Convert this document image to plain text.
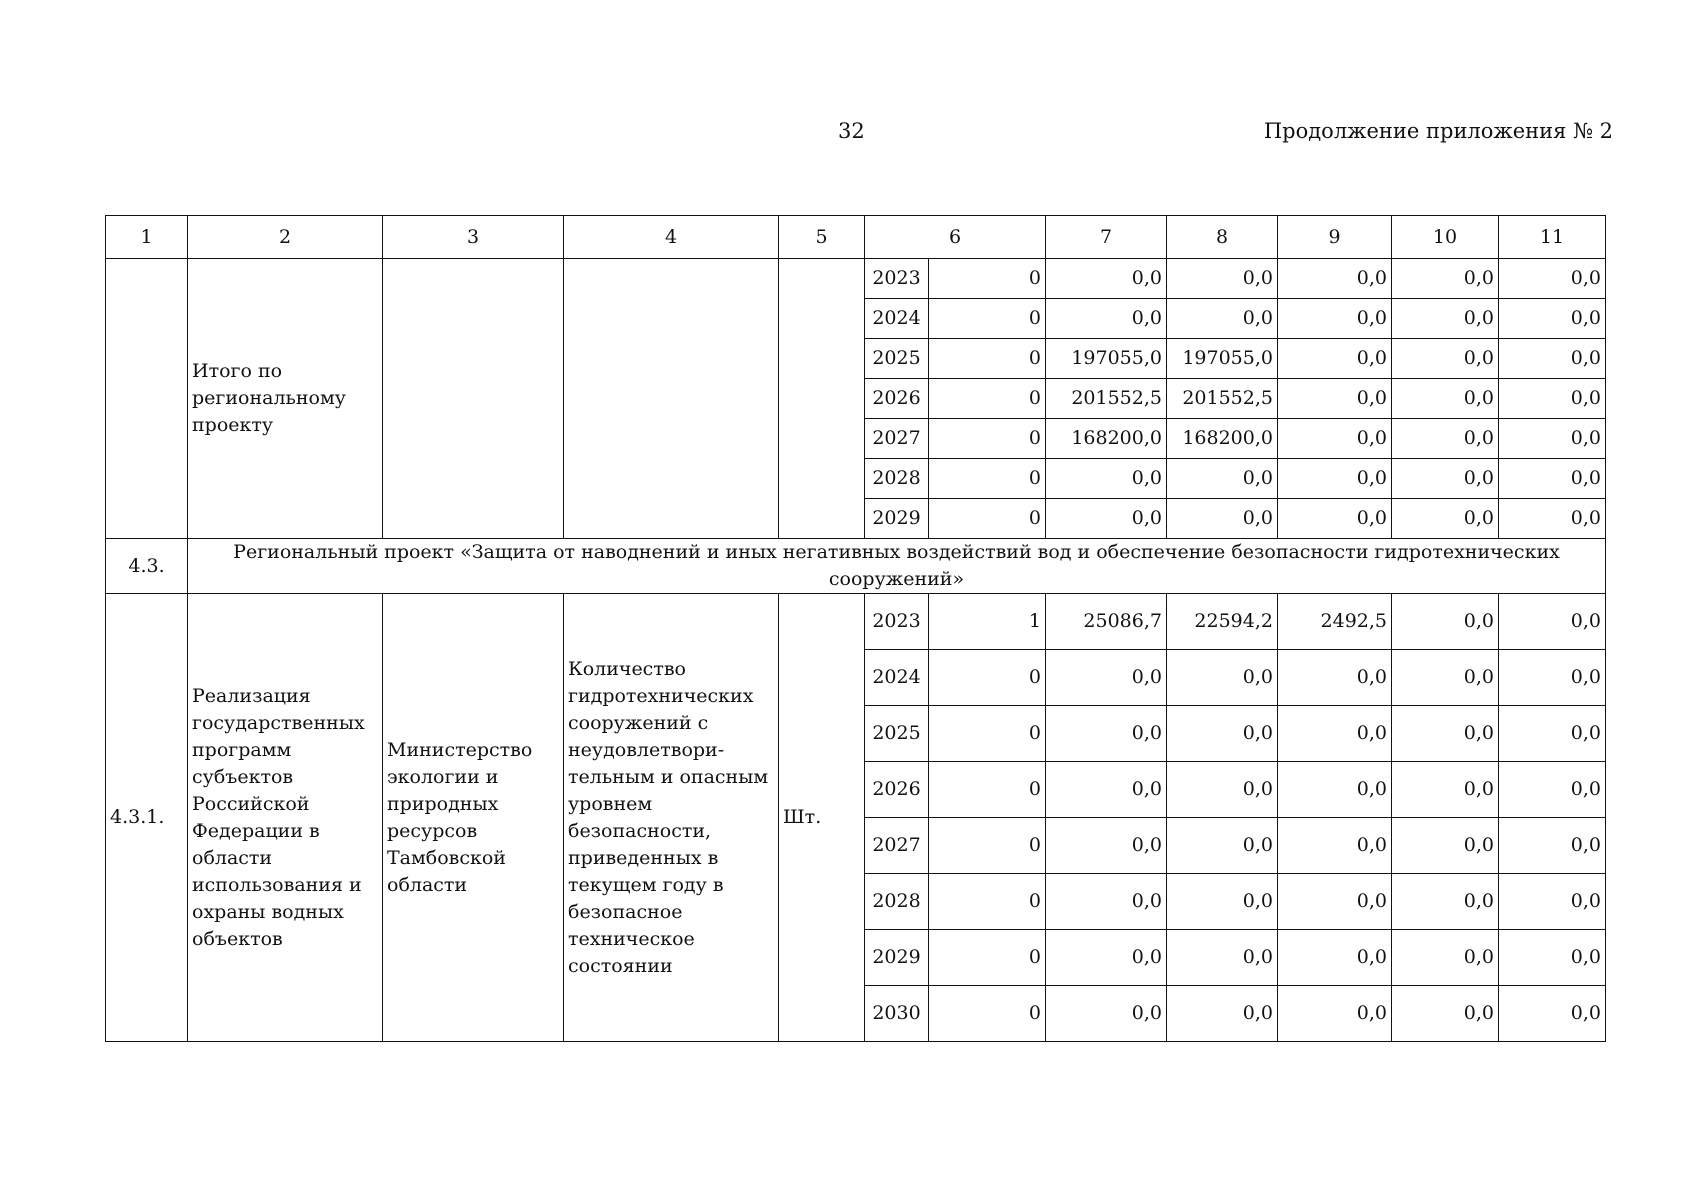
32	Продолжение приложения № 2
1	2	3	4	5	6		7	8	9	10	11
	Итого по региональному проекту				2023	0	0,0	0,0	0,0	0,0	0,0
					2024	0	0,0	0,0	0,0	0,0	0,0
					2025	0	197055,0	197055,0	0,0	0,0	0,0
					2026	0	201552,5	201552,5	0,0	0,0	0,0
					2027	0	168200,0	168200,0	0,0	0,0	0,0
					2028	0	0,0	0,0	0,0	0,0	0,0
					2029	0	0,0	0,0	0,0	0,0	0,0
4.3.	Региональный проект «Защита от наводнений и иных негативных воздействий вод и обеспечение безопасности гидротехнических сооружений»										
4.3.1.	Реализация государственных программ субъектов Российской Федерации в области использования и охраны водных объектов	Министерство экологии и природных ресурсов Тамбовской области	Количество гидротехнических сооружений с неудовлетвори-тельным и опасным уровнем безопасности, приведенных в текущем году в безопасное техническое состоянии	Шт.	2023	1	25086,7	22594,2	2492,5	0,0	0,0
					2024	0	0,0	0,0	0,0	0,0	0,0
					2025	0	0,0	0,0	0,0	0,0	0,0
					2026	0	0,0	0,0	0,0	0,0	0,0
					2027	0	0,0	0,0	0,0	0,0	0,0
					2028	0	0,0	0,0	0,0	0,0	0,0
					2029	0	0,0	0,0	0,0	0,0	0,0
					2030	0	0,0	0,0	0,0	0,0	0,0
